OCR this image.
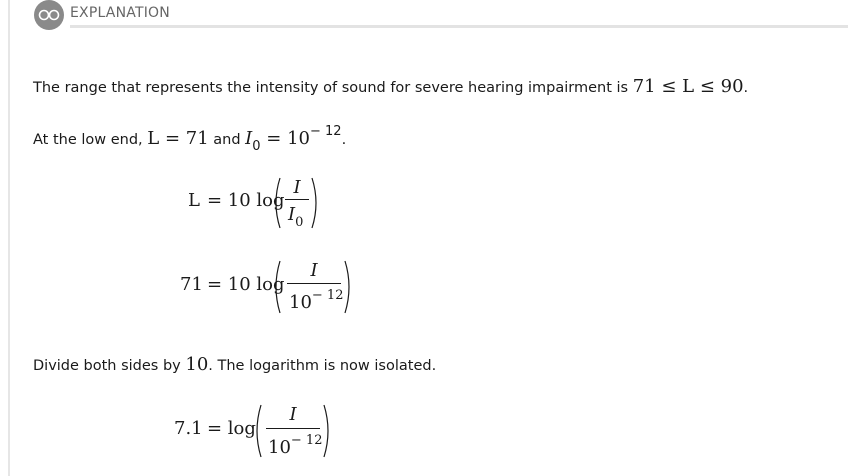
EXPLANATION
The range that represents the intensity of sound for severe hearing impairment is 71 ≤ L ≤ 90.
At the low end, L = 71 and I0 = 10− 12.
L = 10 log
I
$I_0$
71 = 10 log
I
$10^{- 12}$
Divide both sides by 10. The logarithm is now isolated.
7.1 = log
I
$10^{- 12}$
